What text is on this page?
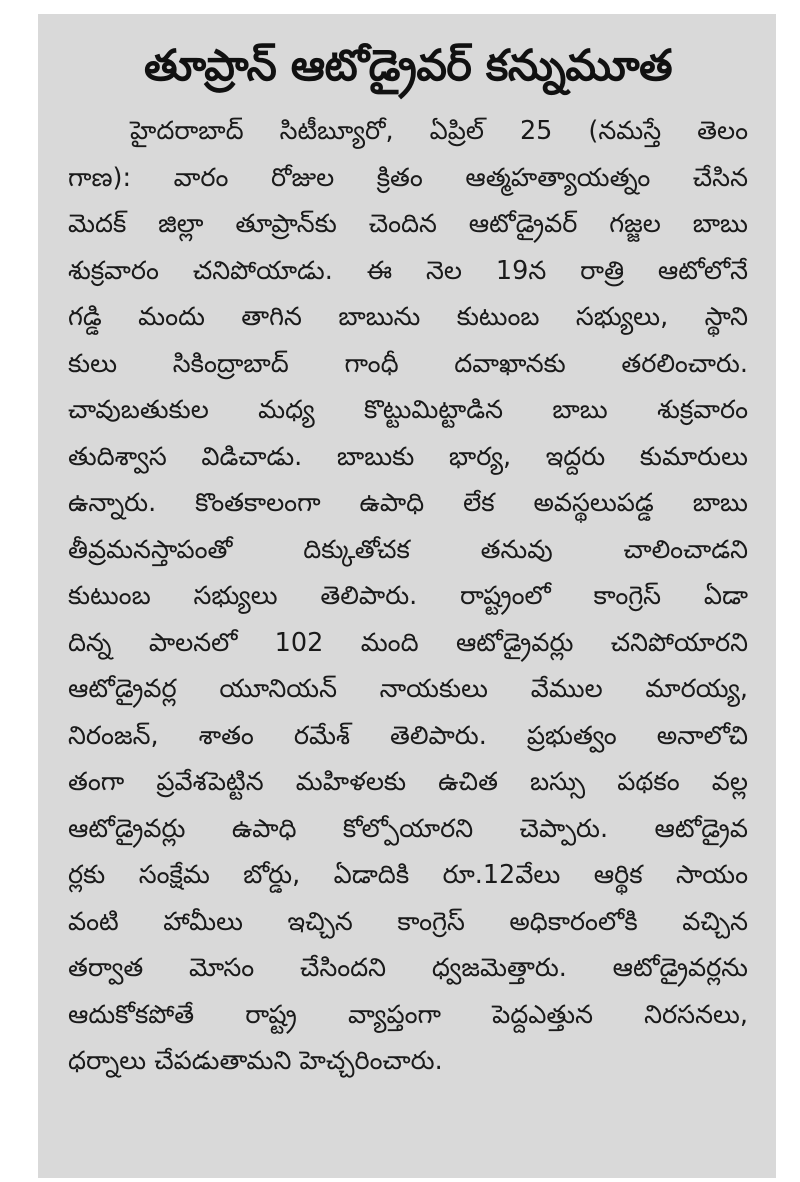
తూప్రాన్ ఆటోడ్రైవర్ కన్నుమూత
హైదరాబాద్ సిటీబ్యూరో, ఏప్రిల్ 25 (నమస్తే తెలం
గాణ): వారం రోజుల క్రితం ఆత్మహత్యాయత్నం చేసిన
మెదక్ జిల్లా తూప్రాన్‌కు చెందిన ఆటోడ్రైవర్ గజ్జల బాబు
శుక్రవారం చనిపోయాడు. ఈ నెల 19న రాత్రి ఆటోలోనే
గడ్డి మందు తాగిన బాబును కుటుంబ సభ్యులు, స్థాని
కులు సికింద్రాబాద్ గాంధీ దవాఖానకు తరలించారు.
చావుబతుకుల మధ్య కొట్టుమిట్టాడిన బాబు శుక్రవారం
తుదిశ్వాస విడిచాడు. బాబుకు భార్య, ఇద్దరు కుమారులు
ఉన్నారు. కొంతకాలంగా ఉపాధి లేక అవస్థలుపడ్డ బాబు
తీవ్రమనస్తాపంతో దిక్కుతోచక తనువు చాలించాడని
కుటుంబ సభ్యులు తెలిపారు. రాష్ట్రంలో కాంగ్రెస్ ఏడా
దిన్న పాలనలో 102 మంది ఆటోడ్రైవర్లు చనిపోయారని
ఆటోడ్రైవర్ల యూనియన్ నాయకులు వేముల మారయ్య,
నిరంజన్, శాతం రమేశ్ తెలిపారు. ప్రభుత్వం అనాలోచి
తంగా ప్రవేశపెట్టిన మహిళలకు ఉచిత బస్సు పథకం వల్ల
ఆటోడ్రైవర్లు ఉపాధి కోల్పోయారని చెప్పారు. ఆటోడ్రైవ
ర్లకు సంక్షేమ బోర్డు, ఏడాదికి రూ.12వేలు ఆర్థిక సాయం
వంటి హామీలు ఇచ్చిన కాంగ్రెస్ అధికారంలోకి వచ్చిన
తర్వాత మోసం చేసిందని ధ్వజమెత్తారు. ఆటోడ్రైవర్లను
ఆదుకోకపోతే రాష్ట్ర వ్యాప్తంగా పెద్దఎత్తున నిరసనలు,
ధర్నాలు చేపడుతామని హెచ్చరించారు.
